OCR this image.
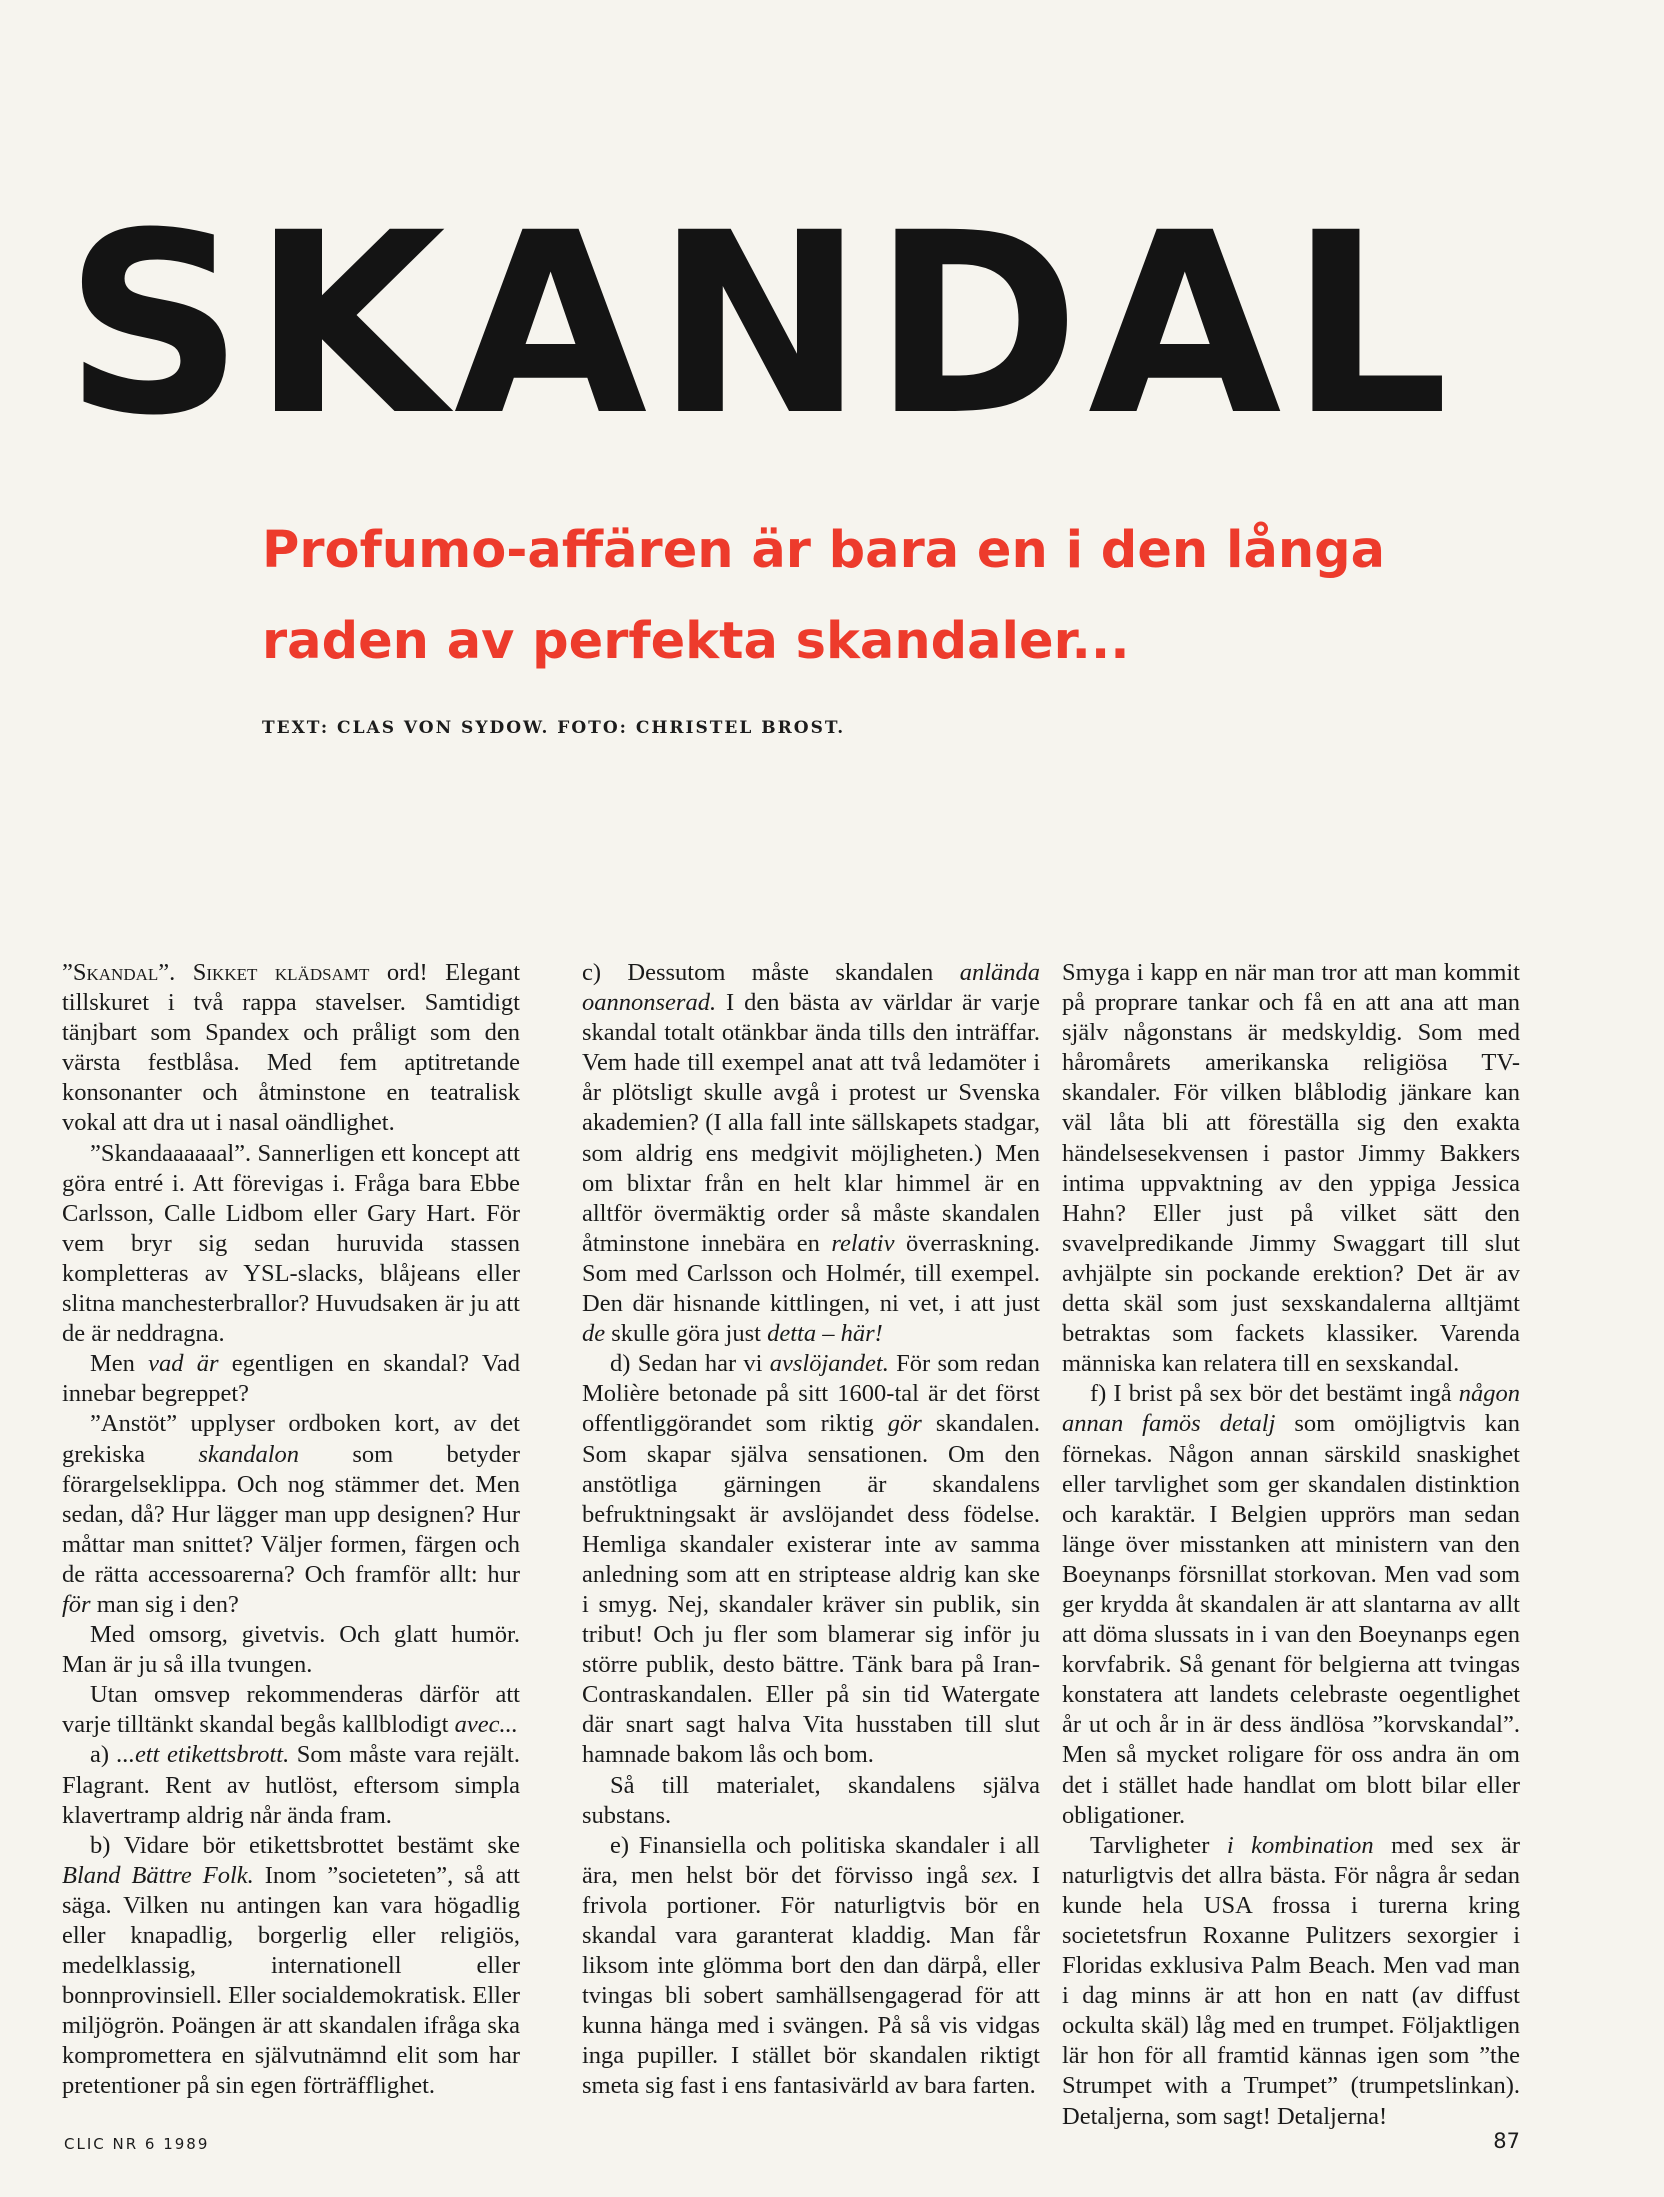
SKANDAL
Profumo-affären är bara en i den långa
raden av perfekta skandaler...
TEXT: CLAS VON SYDOW. FOTO: CHRISTEL BROST.

”Skandal”. Sikket klädsamt ord! Elegant tillskuret i två rappa stavelser. Samtidigt tänjbart som Spandex och pråligt som den värsta festblåsa. Med fem aptitretande konsonanter och åtminstone en teatralisk vokal att dra ut i nasal oändlighet.

”Skandaaaaaal”. Sannerligen ett koncept att göra entré i. Att förevigas i. Fråga bara Ebbe Carlsson, Calle Lidbom eller Gary Hart. För vem bryr sig sedan huruvida stassen kompletteras av YSL-slacks, blåjeans eller slitna manchesterbrallor? Huvudsaken är ju att de är neddragna.

Men vad är egentligen en skandal? Vad innebar begreppet?

”Anstöt” upplyser ordboken kort, av det grekiska skandalon som betyder förargelseklippa. Och nog stämmer det. Men sedan, då? Hur lägger man upp designen? Hur måttar man snittet? Väljer formen, färgen och de rätta accessoarerna? Och framför allt: hur för man sig i den?

Med omsorg, givetvis. Och glatt humör. Man är ju så illa tvungen.

Utan omsvep rekommenderas därför att varje tilltänkt skandal begås kallblodigt avec...

a) ...ett etikettsbrott. Som måste vara rejält. Flagrant. Rent av hutlöst, eftersom simpla klavertramp aldrig når ända fram.

b) Vidare bör etikettsbrottet bestämt ske Bland Bättre Folk. Inom ”societeten”, så att säga. Vilken nu antingen kan vara högadlig eller knapadlig, borgerlig eller religiös, medelklassig, internationell eller bonnprovinsiell. Eller socialdemokratisk. Eller miljögrön. Poängen är att skandalen ifråga ska kompromettera en självutnämnd elit som har pretentioner på sin egen förträfflighet.

c) Dessutom måste skandalen anlända oannonserad. I den bästa av världar är varje skandal totalt otänkbar ända tills den inträffar. Vem hade till exempel anat att två ledamöter i år plötsligt skulle avgå i protest ur Svenska akademien? (I alla fall inte sällskapets stadgar, som aldrig ens medgivit möjligheten.) Men om blixtar från en helt klar himmel är en alltför övermäktig order så måste skandalen åtminstone innebära en relativ överraskning. Som med Carlsson och Holmér, till exempel. Den där hisnande kittlingen, ni vet, i att just de skulle göra just detta – här!

d) Sedan har vi avslöjandet. För som redan Molière betonade på sitt 1600-tal är det först offentliggörandet som riktig gör skandalen. Som skapar själva sensationen. Om den anstötliga gärningen är skandalens befruktningsakt är avslöjandet dess födelse. Hemliga skandaler existerar inte av samma anledning som att en striptease aldrig kan ske i smyg. Nej, skandaler kräver sin publik, sin tribut! Och ju fler som blamerar sig inför ju större publik, desto bättre. Tänk bara på Iran-Contraskandalen. Eller på sin tid Watergate där snart sagt halva Vita husstaben till slut hamnade bakom lås och bom.

Så till materialet, skandalens själva substans.

e) Finansiella och politiska skandaler i all ära, men helst bör det förvisso ingå sex. I frivola portioner. För naturligtvis bör en skandal vara garanterat kladdig. Man får liksom inte glömma bort den dan därpå, eller tvingas bli sobert samhällsengagerad för att kunna hänga med i svängen. På så vis vidgas inga pupiller. I stället bör skandalen riktigt smeta sig fast i ens fantasivärld av bara farten.

Smyga i kapp en när man tror att man kommit på proprare tankar och få en att ana att man själv någonstans är medskyldig. Som med håromårets amerikanska religiösa TV-skandaler. För vilken blåblodig jänkare kan väl låta bli att föreställa sig den exakta händelsesekvensen i pastor Jimmy Bakkers intima uppvaktning av den yppiga Jessica Hahn? Eller just på vilket sätt den svavelpredikande Jimmy Swaggart till slut avhjälpte sin pockande erektion? Det är av detta skäl som just sexskandalerna alltjämt betraktas som fackets klassiker. Varenda människa kan relatera till en sexskandal.

f) I brist på sex bör det bestämt ingå någon annan famös detalj som omöjligtvis kan förnekas. Någon annan särskild snaskighet eller tarvlighet som ger skandalen distinktion och karaktär. I Belgien upprörs man sedan länge över misstanken att ministern van den Boeynanps försnillat storkovan. Men vad som ger krydda åt skandalen är att slantarna av allt att döma slussats in i van den Boeynanps egen korvfabrik. Så genant för belgierna att tvingas konstatera att landets celebraste oegentlighet år ut och år in är dess ändlösa ”korvskandal”. Men så mycket roligare för oss andra än om det i stället hade handlat om blott bilar eller obligationer.

Tarvligheter i kombination med sex är naturligtvis det allra bästa. För några år sedan kunde hela USA frossa i turerna kring societetsfrun Roxanne Pulitzers sexorgier i Floridas exklusiva Palm Beach. Men vad man i dag minns är att hon en natt (av diffust ockulta skäl) låg med en trumpet. Följaktligen lär hon för all framtid kännas igen som ”the Strumpet with a Trumpet” (trumpetslinkan). Detaljerna, som sagt! Detaljerna!

CLIC NR 6 1989	87
